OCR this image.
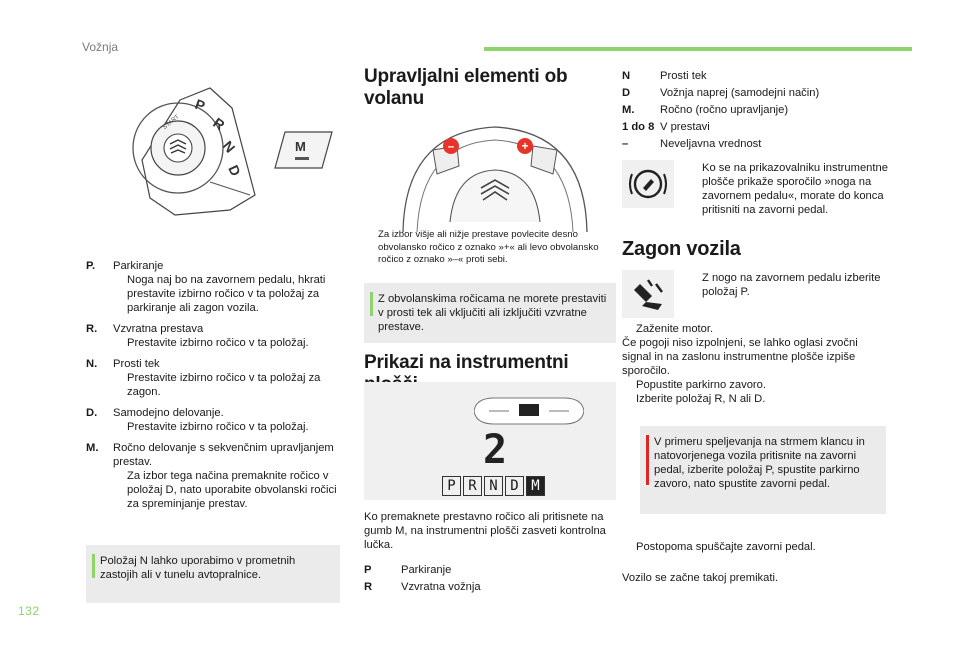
Vožnja
132
START
P
R
N
D
M
P.	Parkiranje
Noga naj bo na zavornem pedalu, hkrati prestavite izbirno ročico v ta položaj za parkiranje ali zagon vozila.
R.	Vzvratna prestava
Prestavite izbirno ročico v ta položaj.
N.	Prosti tek
Prestavite izbirno ročico v ta položaj za zagon.
D.	Samodejno delovanje.
Prestavite izbirno ročico v ta položaj.
M.	Ročno delovanje s sekvenčnim upravljanjem prestav.
Za izbor tega načina premaknite ročico v položaj D, nato uporabite obvolanski ročici za spreminjanje prestav.
Položaj N lahko uporabimo v prometnih zastojih ali v tunelu avtopralnice.
Upravljalni elementi ob volanu
–	+
Za izbor višje ali nižje prestave povlecite desno obvolansko ročico z oznako »+« ali levo obvolansko ročico z oznako »–« proti sebi.
Z obvolanskima ročicama ne morete prestaviti v prosti tek ali vključiti ali izključiti vzvratne prestave.
Prikazi na instrumentni
2
P R N D M
Ko premaknete prestavno ročico ali pritisnete na gumb M, na instrumentni plošči zasveti kontrolna lučka.
P	Parkiranje
R	Vzvratna vožnja
N	Prosti tek
D	Vožnja naprej (samodejni način)
M.	Ročno (ročno upravljanje)
1 do 8 V prestavi
–	Neveljavna vrednost
Ko se na prikazovalniku instrumentne plošče prikaže sporočilo »noga na zavornem pedalu«, morate do konca pritisniti na zavorni pedal.
Zagon vozila
Z nogo na zavornem pedalu izberite položaj P.
Zaženite motor.
Če pogoji niso izpolnjeni, se lahko oglasi zvočni signal in na zaslonu instrumentne plošče izpiše sporočilo.
Popustite parkirno zavoro.
Izberite položaj R, N ali D.
V primeru speljevanja na strmem klancu in natovorjenega vozila pritisnite na zavorni pedal, izberite položaj P, spustite parkirno zavoro, nato spustite zavorni pedal.
Postopoma spuščajte zavorni pedal.
Vozilo se začne takoj premikati.
